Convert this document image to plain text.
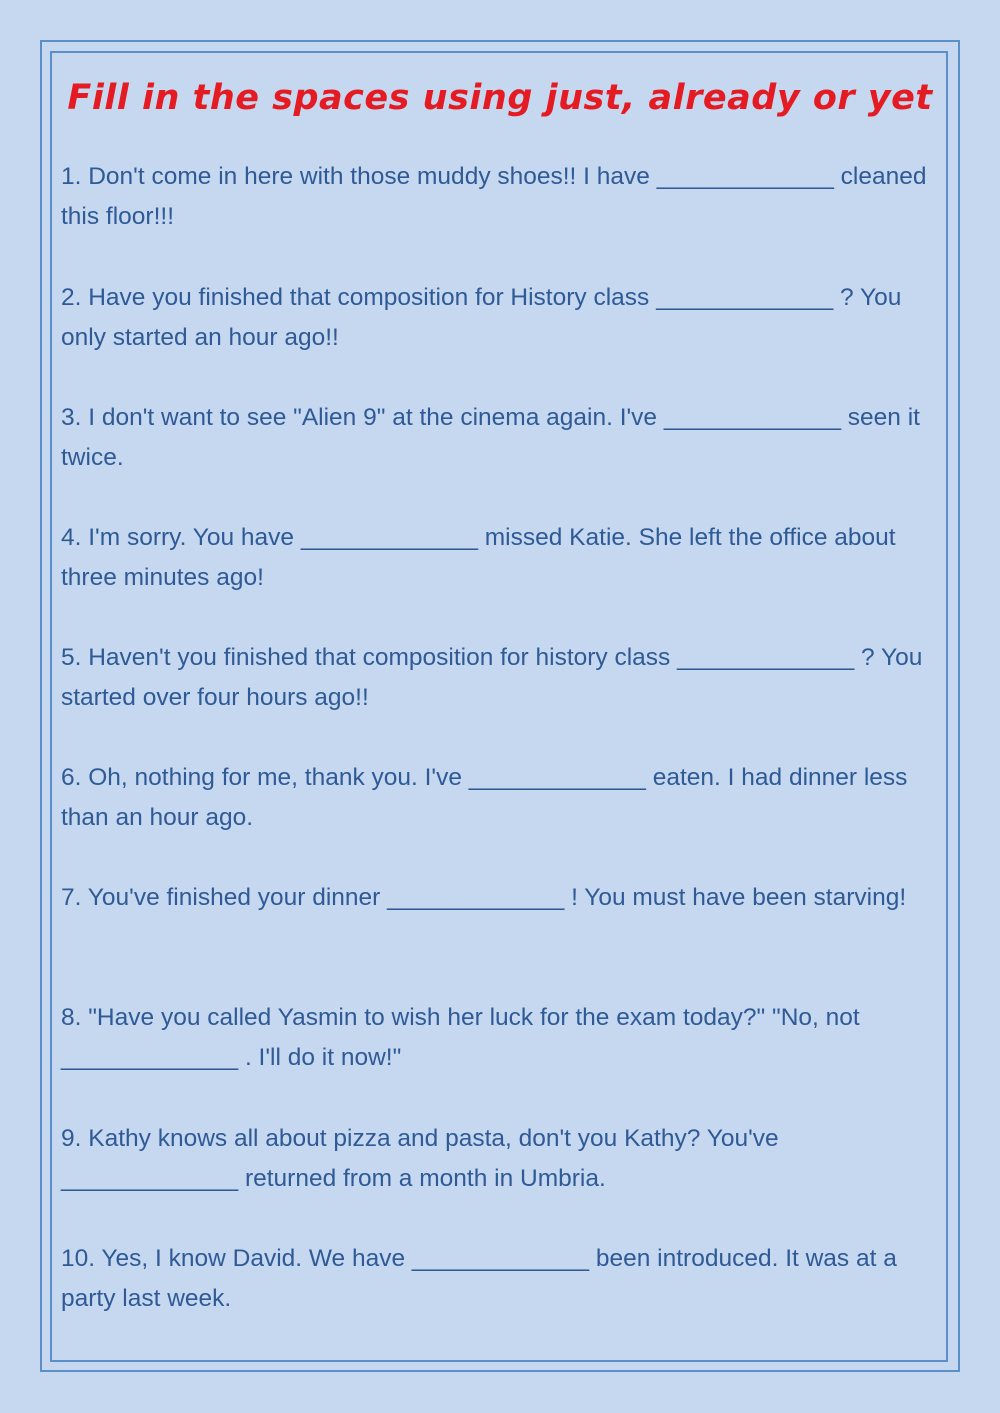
Fill in the spaces using just, already or yet

1. Don't come in here with those muddy shoes!! I have _____________ cleaned this floor!!!

2. Have you finished that composition for History class _____________ ? You only started an hour ago!!

3. I don't want to see "Alien 9" at the cinema again. I've _____________ seen it twice.

4. I'm sorry. You have _____________ missed Katie. She left the office about three minutes ago!

5. Haven't you finished that composition for history class _____________ ? You started over four hours ago!!

6. Oh, nothing for me, thank you. I've _____________ eaten. I had dinner less than an hour ago.

7. You've finished your dinner _____________ ! You must have been starving!

8. "Have you called Yasmin to wish her luck for the exam today?" "No, not _____________ . I'll do it now!"

9. Kathy knows all about pizza and pasta, don't you Kathy? You've _____________ returned from a month in Umbria.

10. Yes, I know David. We have _____________ been introduced. It was at a party last week.
